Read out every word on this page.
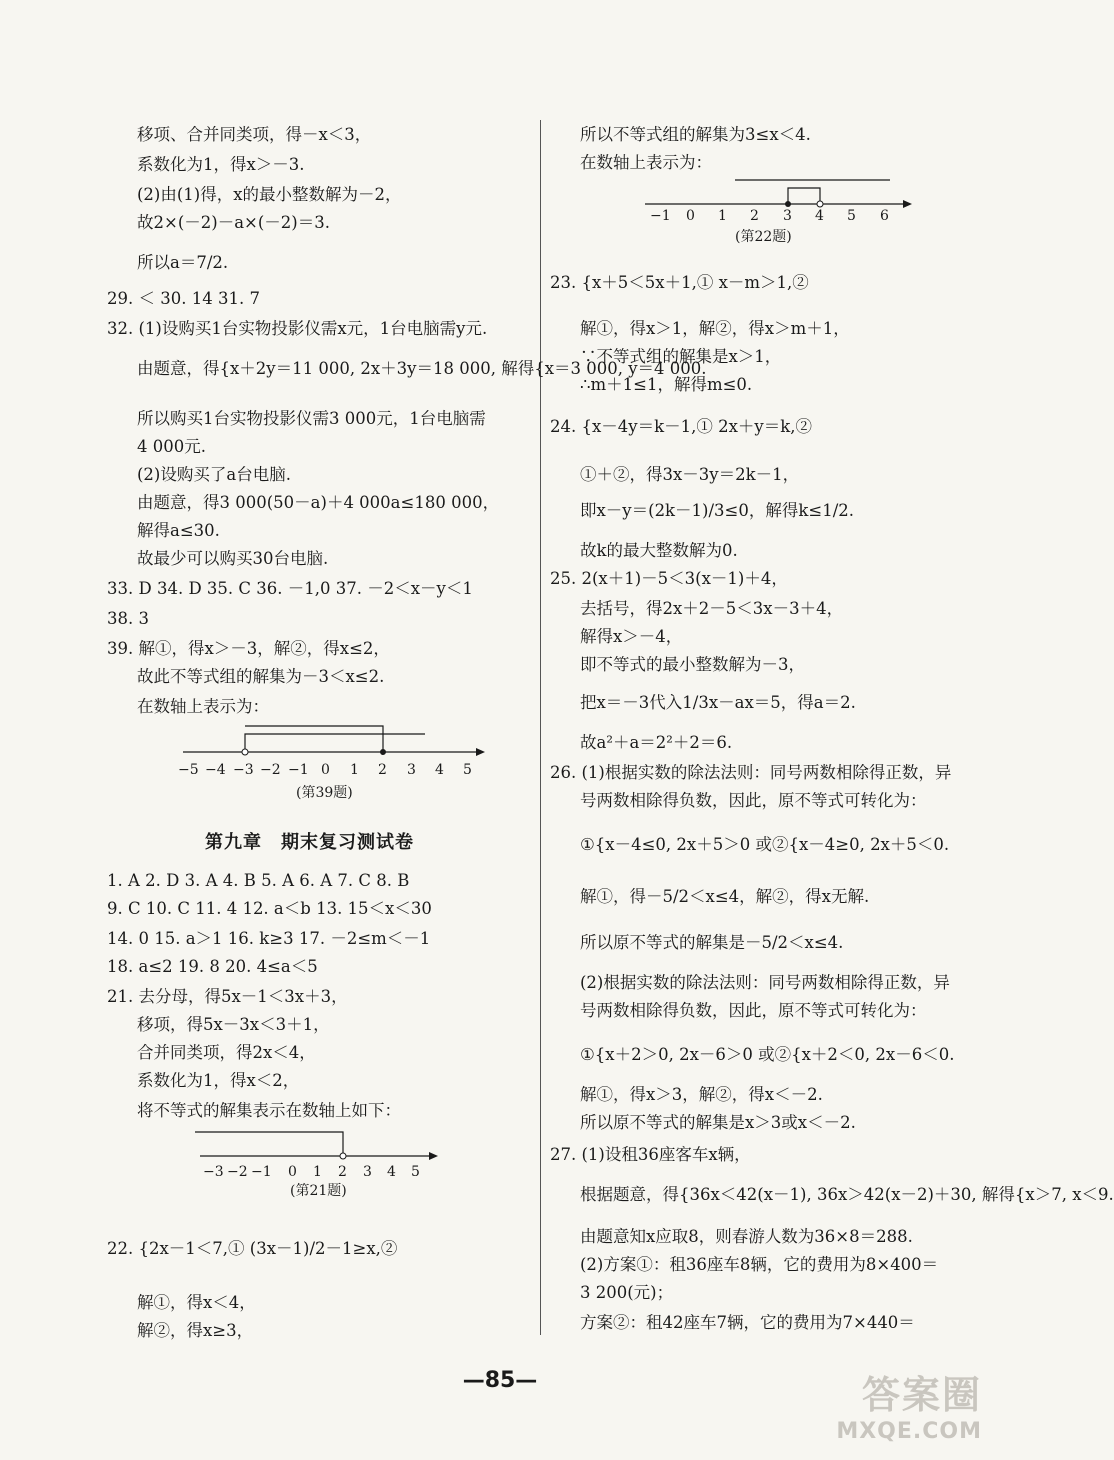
移项、合并同类项，得－x＜3，
系数化为1，得x＞－3.
(2)由(1)得，x的最小整数解为－2，
故2×(－2)－a×(－2)＝3.
所以a＝7/2.
29. ＜ 30. 14 31. 7
32. (1)设购买1台实物投影仪需x元，1台电脑需y元.
由题意，得{x＋2y＝11 000, 2x＋3y＝18 000, 解得{x＝3 000, y＝4 000.
所以购买1台实物投影仪需3 000元，1台电脑需
4 000元.
(2)设购买了a台电脑.
由题意，得3 000(50－a)＋4 000a≤180 000，
解得a≤30.
故最少可以购买30台电脑.
33. D 34. D 35. C 36. －1,0 37. －2＜x－y＜1
38. 3
39. 解①，得x＞－3，解②，得x≤2，
故此不等式组的解集为－3＜x≤2.
在数轴上表示为：
−5 −4 −3 −2 −1 0 1 2 3 4 5
(第39题)
第九章　期末复习测试卷
1. A 2. D 3. A 4. B 5. A 6. A 7. C 8. B
9. C 10. C 11. 4 12. a＜b 13. 15＜x＜30
14. 0 15. a＞1 16. k≥3 17. －2≤m＜－1
18. a≤2 19. 8 20. 4≤a＜5
21. 去分母，得5x－1＜3x＋3，
移项，得5x－3x＜3＋1，
合并同类项，得2x＜4，
系数化为1，得x＜2，
将不等式的解集表示在数轴上如下：
−3 −2 −1 0 1 2 3 4 5
(第21题)
22. {2x－1＜7,① (3x－1)/2－1≥x,②
解①，得x＜4，
解②，得x≥3，
所以不等式组的解集为3≤x＜4.
在数轴上表示为：
−1 0 1 2 3 4 5 6
(第22题)
23. {x＋5＜5x＋1,① x－m＞1,②
解①，得x＞1，解②，得x＞m＋1，
∵不等式组的解集是x＞1，
∴m＋1≤1，解得m≤0.
24. {x－4y＝k－1,① 2x＋y＝k,②
①＋②，得3x－3y＝2k－1，
即x－y＝(2k－1)/3≤0，解得k≤1/2.
故k的最大整数解为0.
25. 2(x＋1)－5＜3(x－1)＋4，
去括号，得2x＋2－5＜3x－3＋4，
解得x＞－4，
即不等式的最小整数解为－3，
把x＝－3代入1/3x－ax＝5，得a＝2.
故a²＋a＝2²＋2＝6.
26. (1)根据实数的除法法则：同号两数相除得正数，异
号两数相除得负数，因此，原不等式可转化为：
①{x－4≤0, 2x＋5＞0 或②{x－4≥0, 2x＋5＜0.
解①，得－5/2＜x≤4，解②，得x无解.
所以原不等式的解集是－5/2＜x≤4.
(2)根据实数的除法法则：同号两数相除得正数，异
号两数相除得负数，因此，原不等式可转化为：
①{x＋2＞0, 2x－6＞0 或②{x＋2＜0, 2x－6＜0.
解①，得x＞3，解②，得x＜－2.
所以原不等式的解集是x＞3或x＜－2.
27. (1)设租36座客车x辆，
根据题意，得{36x＜42(x－1), 36x＞42(x－2)＋30, 解得{x＞7, x＜9.
由题意知x应取8，则春游人数为36×8＝288.
(2)方案①：租36座车8辆，它的费用为8×400＝
3 200(元)；
方案②：租42座车7辆，它的费用为7×440＝
—85—	答案圈
MXQE.COM
